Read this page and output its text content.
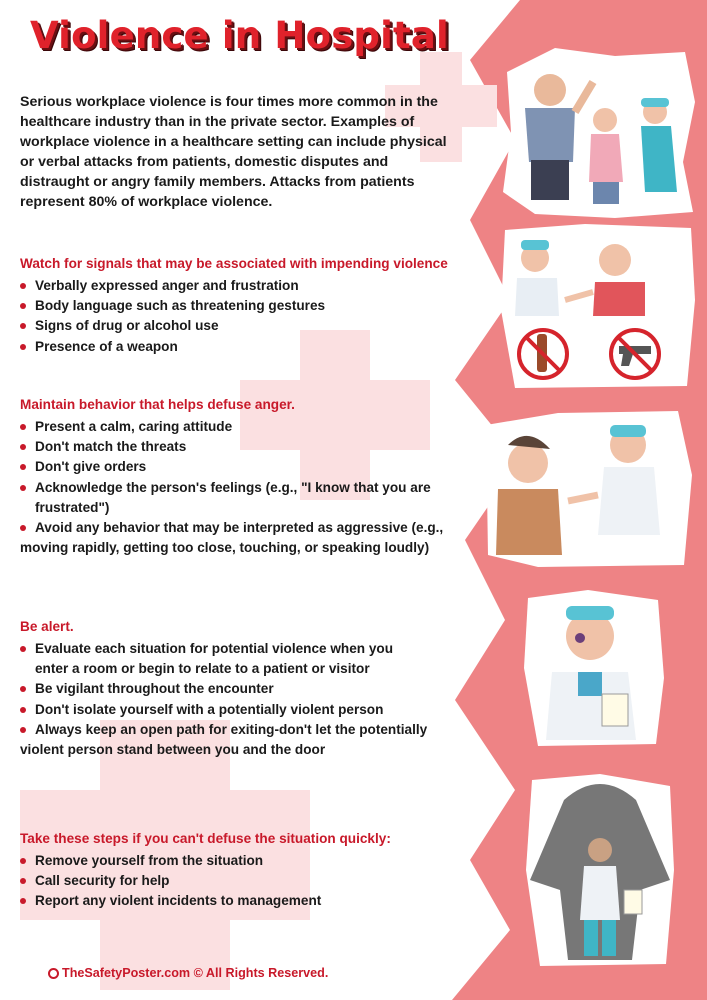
Violence in Hospital

Serious workplace violence is four times more common in the healthcare industry than in the private sector. Examples of workplace violence in a healthcare setting can include physical or verbal attacks from patients, domestic disputes and distraught or angry family members. Attacks from patients represent 80% of workplace violence.

Watch for signals that may be associated with impending violence

Verbally expressed anger and frustration
Body language such as threatening gestures
Signs of drug or alcohol use
Presence of a weapon

Maintain behavior that helps defuse anger.

Present a calm, caring attitude
Don't match the threats
Don't give orders
Acknowledge the person's feelings (e.g., "I know that you are frustrated")
Avoid any behavior that may be interpreted as aggressive (e.g., moving rapidly, getting too close, touching, or speaking loudly)

Be alert.

Evaluate each situation for potential violence when you enter a room or begin to relate to a patient or visitor
Be vigilant throughout the encounter
Don't isolate yourself with a potentially violent person
Always keep an open path for exiting-don't let the potentially violent person stand between you and the door

Take these steps if you can't defuse the situation quickly:

Remove yourself from the situation
Call security for help
Report any violent incidents to management
TheSafetyPoster.com © All Rights Reserved.
